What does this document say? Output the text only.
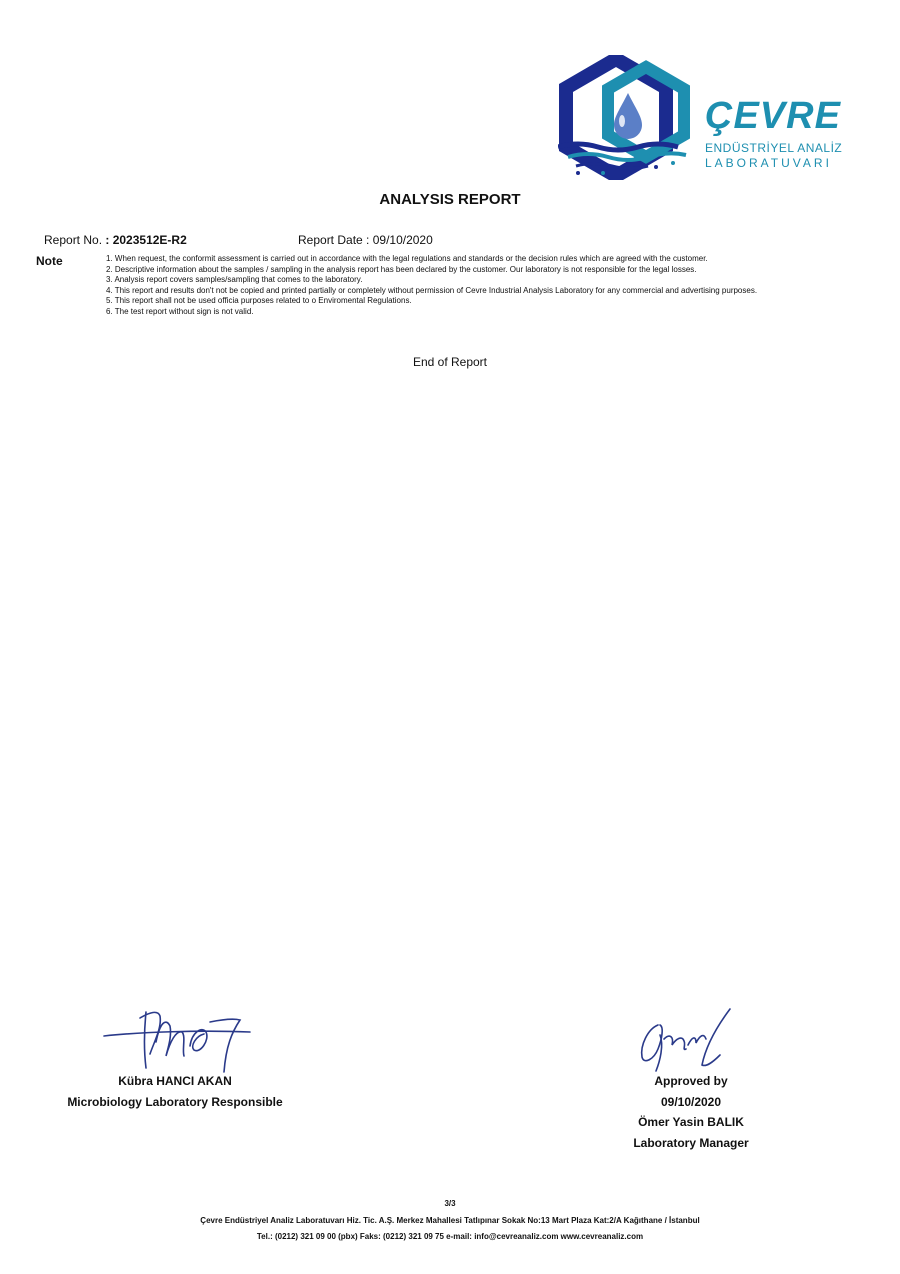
ÇEVRE
ENDÜSTRİYEL ANALİZ
LABORATUVARI
ANALYSIS REPORT
Report No. : 2023512E-R2	Report Date : 09/10/2020
Note	1. When request, the conformit assessment is carried out in accordance with the legal regulations and standards or the decision rules which are agreed with the customer.
2. Descriptive information about the samples / sampling in the analysis report has been declared by the customer. Our laboratory is not responsible for the legal losses.
3. Analysis report covers samples/sampling that comes to the laboratory.
4. This report and results don't not be copied and printed partially or completely without permission of Cevre Industrial Analysis Laboratory for any commercial and advertising purposes.
5. This report shall not be used officia purposes related to o Enviromental Regulations.
6. The test report without sign is not valid.
End of Report
Kübra HANCI AKAN
Microbiology Laboratory Responsible
Approved by
09/10/2020
Ömer Yasin BALIK
Laboratory Manager
3/3
Çevre Endüstriyel Analiz Laboratuvarı Hiz. Tic. A.Ş. Merkez Mahallesi Tatlıpınar Sokak No:13 Mart Plaza Kat:2/A Kağıthane / İstanbul
Tel.: (0212) 321 09 00 (pbx) Faks: (0212) 321 09 75 e-mail: info@cevreanaliz.com www.cevreanaliz.com
